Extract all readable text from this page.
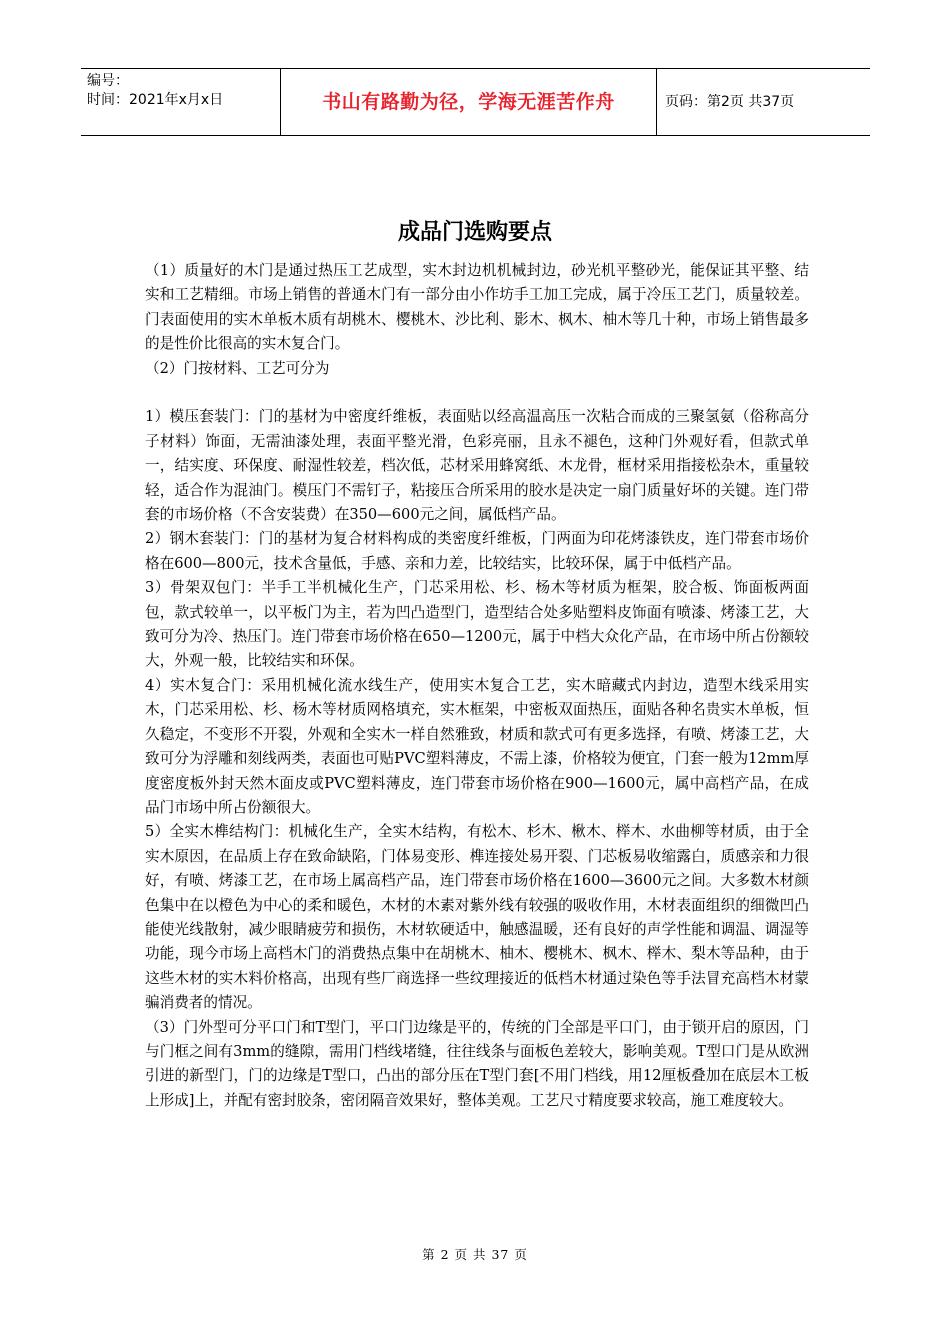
编号：
时间：2021年x月x日	书山有路勤为径，学海无涯苦作舟	页码：第2页 共37页
成品门选购要点

（1）质量好的木门是通过热压工艺成型，实木封边机机械封边，砂光机平整砂光，能保证其平整、结实和工艺精细。市场上销售的普通木门有一部分由小作坊手工加工完成，属于冷压工艺门，质量较差。门表面使用的实木单板木质有胡桃木、樱桃木、沙比利、影木、枫木、柚木等几十种，市场上销售最多的是性价比很高的实木复合门。

（2）门按材料、工艺可分为

1）模压套装门：门的基材为中密度纤维板，表面贴以经高温高压一次粘合而成的三聚氢氨（俗称高分子材料）饰面，无需油漆处理，表面平整光滑，色彩亮丽，且永不褪色，这种门外观好看，但款式单一，结实度、环保度、耐湿性较差，档次低，芯材采用蜂窝纸、木龙骨，框材采用指接松杂木，重量较轻，适合作为混油门。模压门不需钉子，粘接压合所采用的胶水是决定一扇门质量好坏的关键。连门带套的市场价格（不含安装费）在350—600元之间，属低档产品。

2）钢木套装门：门的基材为复合材料构成的类密度纤维板，门两面为印花烤漆铁皮，连门带套市场价格在600—800元，技术含量低，手感、亲和力差，比较结实，比较环保，属于中低档产品。

3）骨架双包门：半手工半机械化生产，门芯采用松、杉、杨木等材质为框架，胶合板、饰面板两面包，款式较单一，以平板门为主，若为凹凸造型门，造型结合处多贴塑料皮饰面有喷漆、烤漆工艺，大致可分为冷、热压门。连门带套市场价格在650—1200元，属于中档大众化产品，在市场中所占份额较大，外观一般，比较结实和环保。

4）实木复合门：采用机械化流水线生产，使用实木复合工艺，实木暗藏式内封边，造型木线采用实木，门芯采用松、杉、杨木等材质网格填充，实木框架，中密板双面热压，面贴各种名贵实木单板，恒久稳定，不变形不开裂，外观和全实木一样自然雅致，材质和款式可有更多选择，有喷、烤漆工艺，大致可分为浮雕和刻线两类，表面也可贴PVC塑料薄皮，不需上漆，价格较为便宜，门套一般为12mm厚度密度板外封天然木面皮或PVC塑料薄皮，连门带套市场价格在900—1600元，属中高档产品，在成品门市场中所占份额很大。

5）全实木榫结构门：机械化生产，全实木结构，有松木、杉木、楸木、榉木、水曲柳等材质，由于全实木原因，在品质上存在致命缺陷，门体易变形、榫连接处易开裂、门芯板易收缩露白，质感亲和力很好，有喷、烤漆工艺，在市场上属高档产品，连门带套市场价格在1600—3600元之间。大多数木材颜色集中在以橙色为中心的柔和暖色，木材的木素对紫外线有较强的吸收作用，木材表面组织的细微凹凸能使光线散射，减少眼睛疲劳和损伤，木材软硬适中，触感温暖，还有良好的声学性能和调温、调湿等功能，现今市场上高档木门的消费热点集中在胡桃木、柚木、樱桃木、枫木、榉木、梨木等品种，由于这些木材的实木料价格高，出现有些厂商选择一些纹理接近的低档木材通过染色等手法冒充高档木材蒙骗消费者的情况。

（3）门外型可分平口门和T型门，平口门边缘是平的，传统的门全部是平口门，由于锁开启的原因，门与门框之间有3mm的缝隙，需用门档线堵缝，往往线条与面板色差较大，影响美观。T型口门是从欧洲引进的新型门，门的边缘是T型口，凸出的部分压在T型门套[不用门档线，用12厘板叠加在底层木工板上形成]上，并配有密封胶条，密闭隔音效果好，整体美观。工艺尺寸精度要求较高，施工难度较大。

第 2 页 共 37 页
